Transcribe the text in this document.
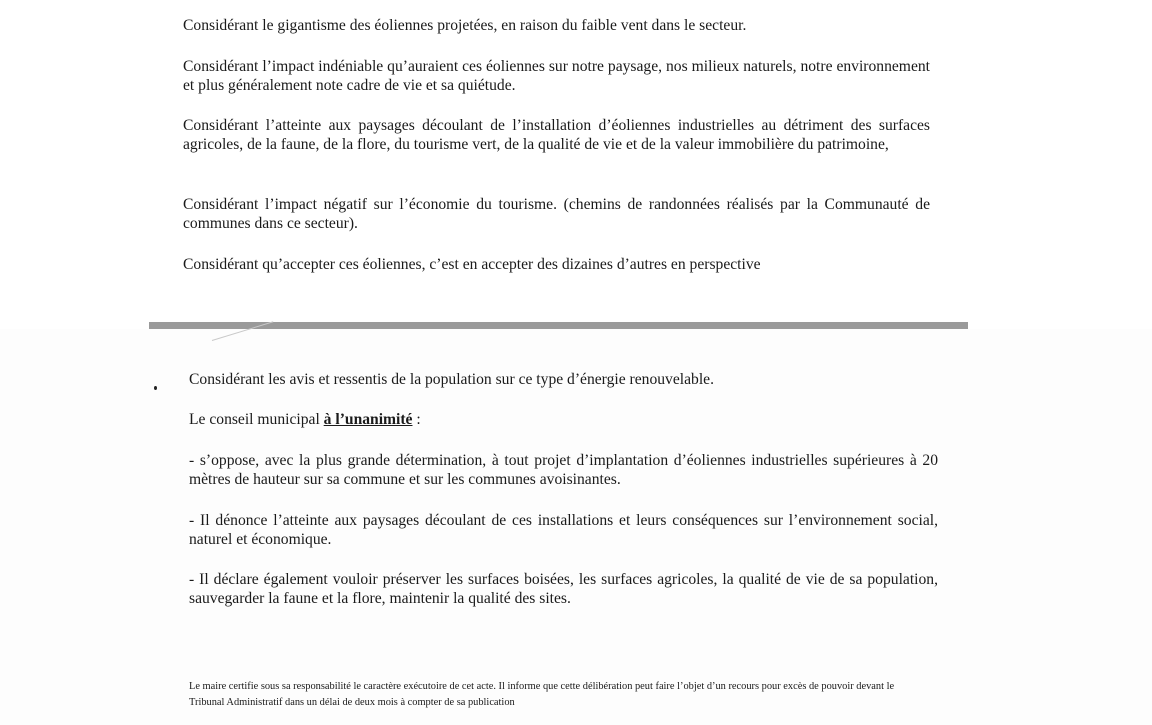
Considérant le gigantisme des éoliennes projetées, en raison du faible vent dans le secteur.

Considérant l’impact indéniable qu’auraient ces éoliennes sur notre paysage, nos milieux naturels, notre environnement et plus généralement note cadre de vie et sa quiétude.

Considérant l’atteinte aux paysages découlant de l’installation d’éoliennes industrielles au détriment des surfaces agricoles, de la faune, de la flore, du tourisme vert, de la qualité de vie et de la valeur immobilière du patrimoine,

Considérant l’impact négatif sur l’économie du tourisme. (chemins de randonnées réalisés par la Communauté de communes dans ce secteur).

Considérant qu’accepter ces éoliennes, c’est en accepter des dizaines d’autres en perspective

Considérant les avis et ressentis de la population sur ce type d’énergie renouvelable.

Le conseil municipal à l’unanimité :

- s’oppose, avec la plus grande détermination, à tout projet d’implantation d’éoliennes industrielles supérieures à 20 mètres de hauteur sur sa commune et sur les communes avoisinantes.

- Il dénonce l’atteinte aux paysages découlant de ces installations et leurs conséquences sur l’environnement social, naturel et économique.

- Il déclare également vouloir préserver les surfaces boisées, les surfaces agricoles, la qualité de vie de sa population, sauvegarder la faune et la flore, maintenir la qualité des sites.

Le maire certifie sous sa responsabilité le caractère exécutoire de cet acte. Il informe que cette délibération peut faire l’objet d’un recours pour excès de pouvoir devant le Tribunal Administratif dans un délai de deux mois à compter de sa publication
